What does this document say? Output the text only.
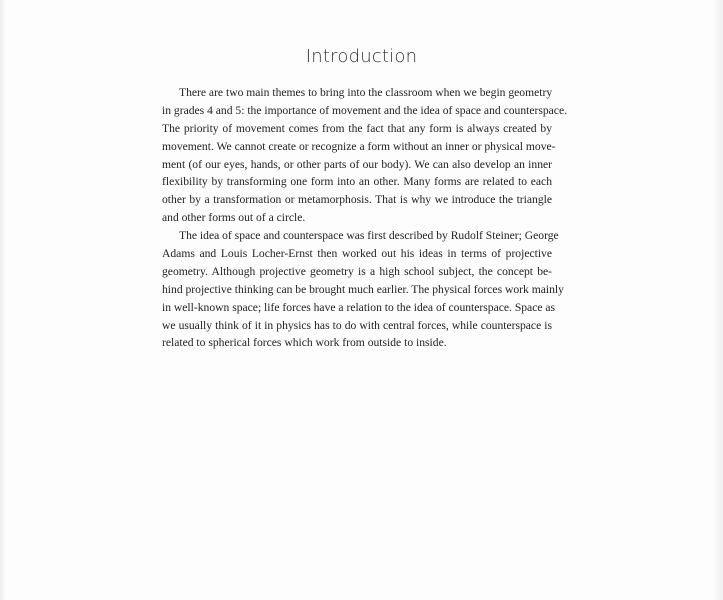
Introduction
There are two main themes to bring into the classroom when we begin geometry
in grades 4 and 5: the importance of movement and the idea of space and counterspace.
The priority of movement comes from the fact that any form is always created by
movement. We cannot create or recognize a form without an inner or physical move-
ment (of our eyes, hands, or other parts of our body). We can also develop an inner
flexibility by transforming one form into an other. Many forms are related to each
other by a transformation or metamorphosis. That is why we introduce the triangle
and other forms out of a circle.
The idea of space and counterspace was first described by Rudolf Steiner; George
Adams and Louis Locher-Ernst then worked out his ideas in terms of projective
geometry. Although projective geometry is a high school subject, the concept be-
hind projective thinking can be brought much earlier. The physical forces work mainly
in well-known space; life forces have a relation to the idea of counterspace. Space as
we usually think of it in physics has to do with central forces, while counterspace is
related to spherical forces which work from outside to inside.
